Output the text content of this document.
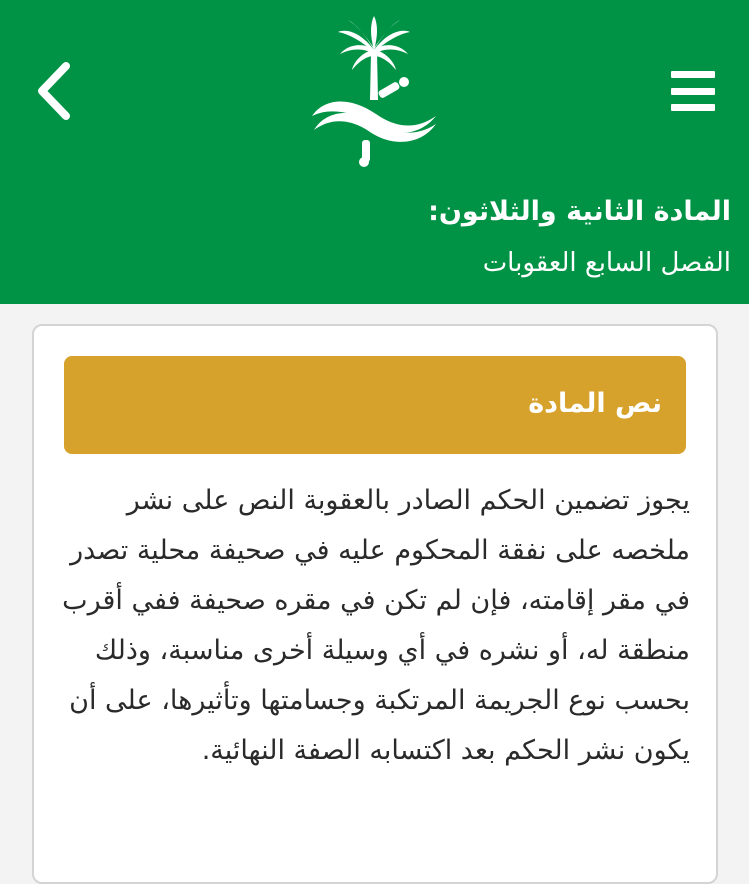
المادة الثانية والثلاثون:
الفصل السابع العقوبات
نص المادة
يجوز تضمين الحكم الصادر بالعقوبة النص على نشر ملخصه على نفقة المحكوم عليه في صحيفة محلية تصدر في مقر إقامته، فإن لم تكن في مقره صحيفة ففي أقرب منطقة له، أو نشره في أي وسيلة أخرى مناسبة، وذلك بحسب نوع الجريمة المرتكبة وجسامتها وتأثيرها، على أن يكون نشر الحكم بعد اكتسابه الصفة النهائية.
